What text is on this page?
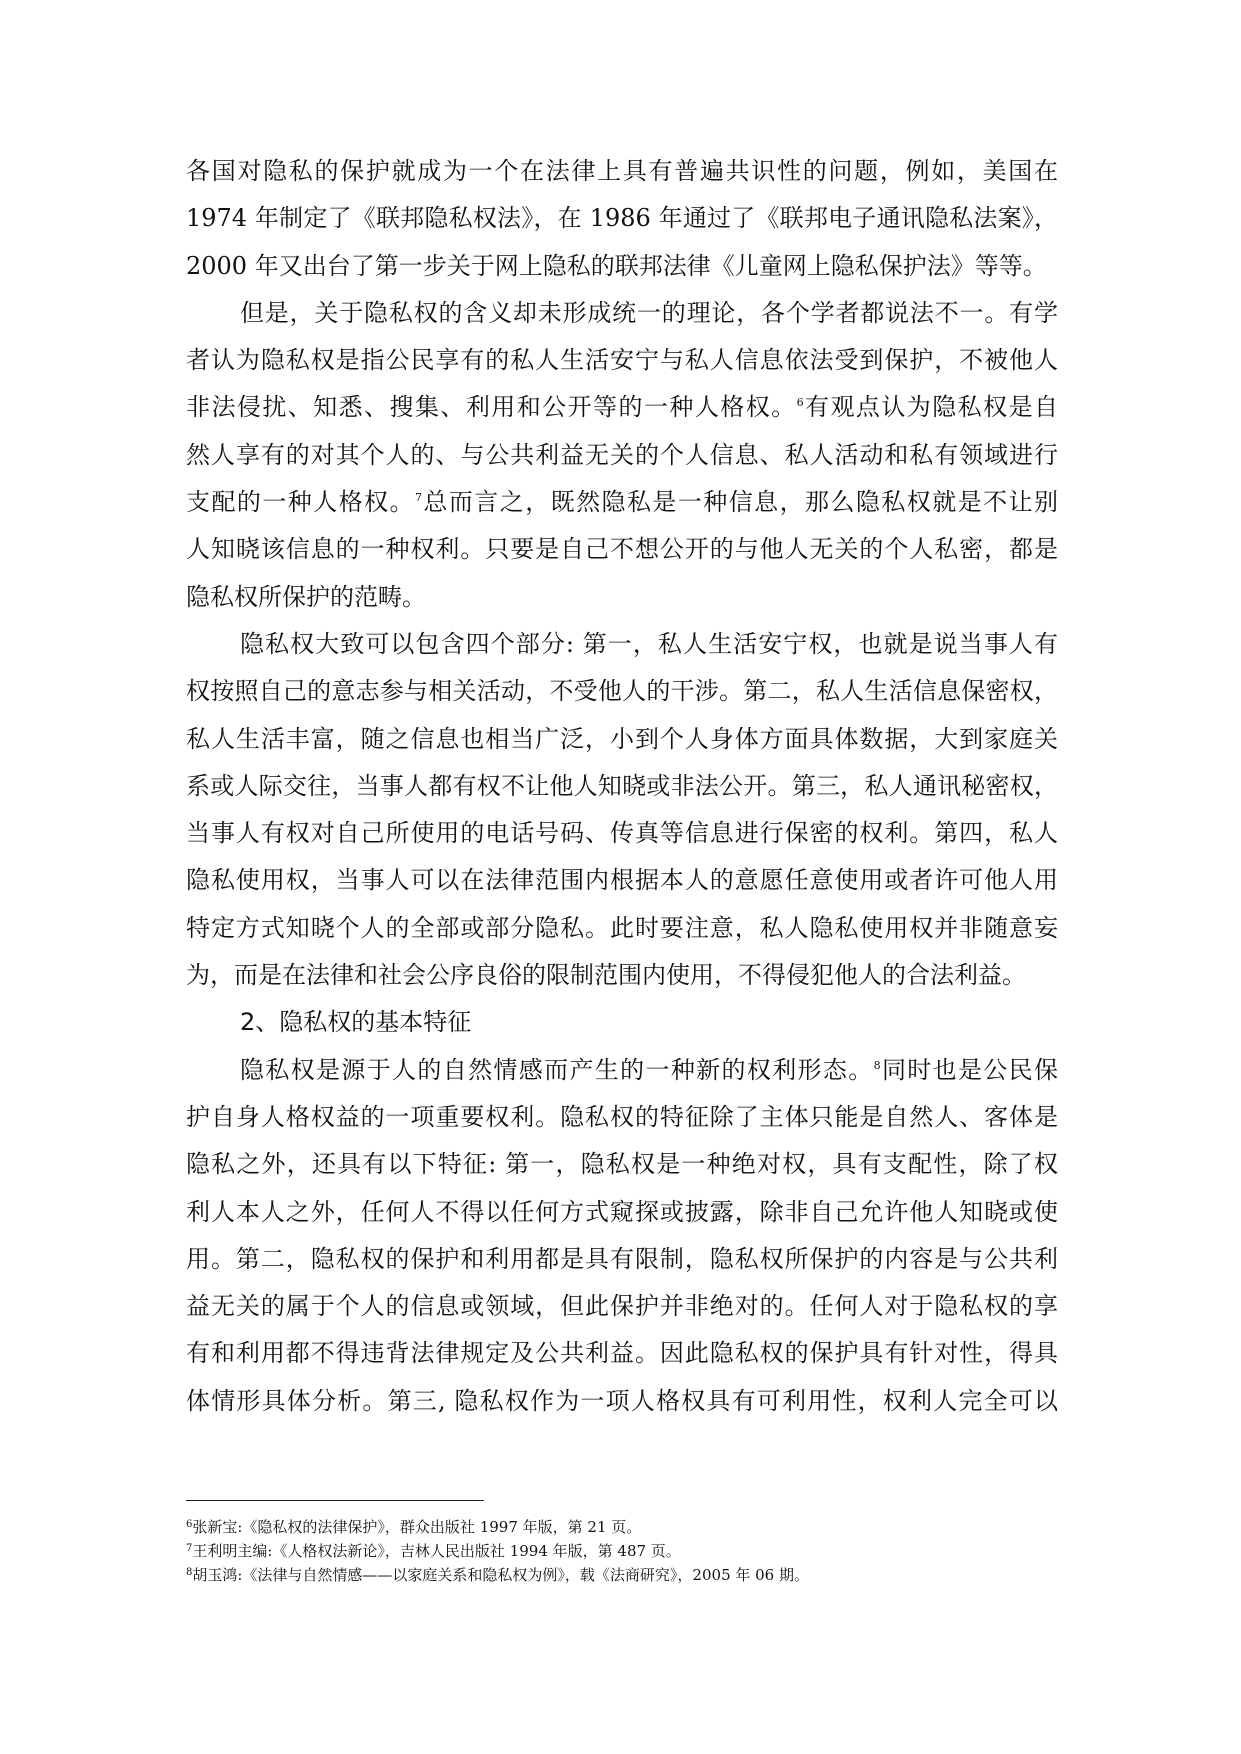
各国对隐私的保护就成为一个在法律上具有普遍共识性的问题，例如，美国在
1974 年制定了《联邦隐私权法》，在 1986 年通过了《联邦电子通讯隐私法案》，
2000 年又出台了第一步关于网上隐私的联邦法律《儿童网上隐私保护法》等等。
但是，关于隐私权的含义却未形成统一的理论，各个学者都说法不一。有学
者认为隐私权是指公民享有的私人生活安宁与私人信息依法受到保护，不被他人
非法侵扰、知悉、搜集、利用和公开等的一种人格权。$^6$有观点认为隐私权是自
然人享有的对其个人的、与公共利益无关的个人信息、私人活动和私有领域进行
支配的一种人格权。$^7$总而言之，既然隐私是一种信息，那么隐私权就是不让别
人知晓该信息的一种权利。只要是自己不想公开的与他人无关的个人私密，都是
隐私权所保护的范畴。
隐私权大致可以包含四个部分: 第一，私人生活安宁权，也就是说当事人有
权按照自己的意志参与相关活动，不受他人的干涉。第二，私人生活信息保密权，
私人生活丰富，随之信息也相当广泛，小到个人身体方面具体数据，大到家庭关
系或人际交往，当事人都有权不让他人知晓或非法公开。第三，私人通讯秘密权，
当事人有权对自己所使用的电话号码、传真等信息进行保密的权利。第四，私人
隐私使用权，当事人可以在法律范围内根据本人的意愿任意使用或者许可他人用
特定方式知晓个人的全部或部分隐私。此时要注意，私人隐私使用权并非随意妄
为，而是在法律和社会公序良俗的限制范围内使用，不得侵犯他人的合法利益。
2、隐私权的基本特征
隐私权是源于人的自然情感而产生的一种新的权利形态。$^8$同时也是公民保
护自身人格权益的一项重要权利。隐私权的特征除了主体只能是自然人、客体是
隐私之外，还具有以下特征: 第一，隐私权是一种绝对权，具有支配性，除了权
利人本人之外，任何人不得以任何方式窥探或披露，除非自己允许他人知晓或使
用。第二，隐私权的保护和利用都是具有限制，隐私权所保护的内容是与公共利
益无关的属于个人的信息或领域，但此保护并非绝对的。任何人对于隐私权的享
有和利用都不得违背法律规定及公共利益。因此隐私权的保护具有针对性，得具
体情形具体分析。第三, 隐私权作为一项人格权具有可利用性，权利人完全可以
$^6$张新宝:《隐私权的法律保护》，群众出版社 1997 年版，第 21 页。
$^7$王利明主编:《人格权法新论》，吉林人民出版社 1994 年版，第 487 页。
$^8$胡玉鸿:《法律与自然情感——以家庭关系和隐私权为例》，载《法商研究》，2005 年 06 期。
